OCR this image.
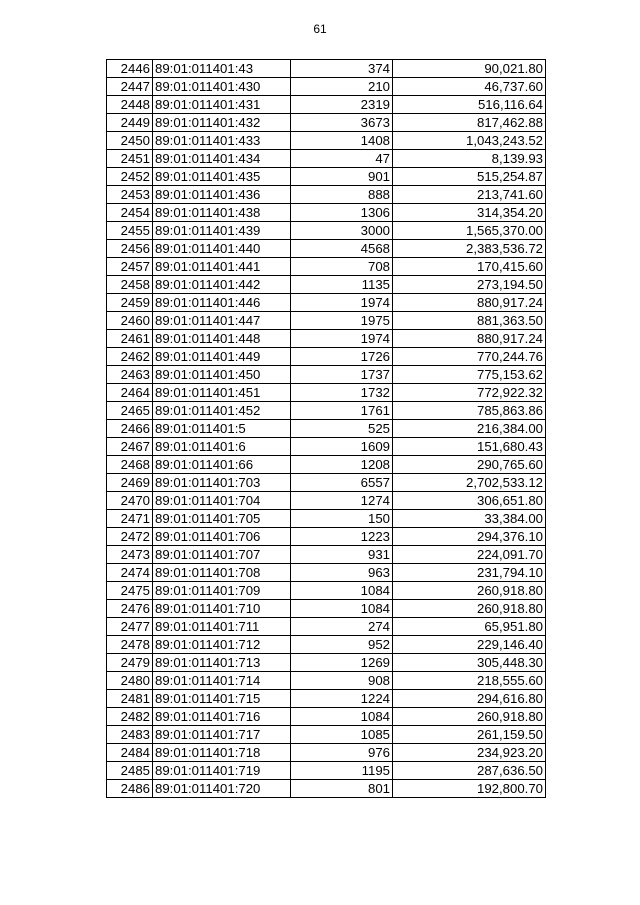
61
2446	89:01:011401:43	374	90,021.80
2447	89:01:011401:430	210	46,737.60
2448	89:01:011401:431	2319	516,116.64
2449	89:01:011401:432	3673	817,462.88
2450	89:01:011401:433	1408	1,043,243.52
2451	89:01:011401:434	47	8,139.93
2452	89:01:011401:435	901	515,254.87
2453	89:01:011401:436	888	213,741.60
2454	89:01:011401:438	1306	314,354.20
2455	89:01:011401:439	3000	1,565,370.00
2456	89:01:011401:440	4568	2,383,536.72
2457	89:01:011401:441	708	170,415.60
2458	89:01:011401:442	1135	273,194.50
2459	89:01:011401:446	1974	880,917.24
2460	89:01:011401:447	1975	881,363.50
2461	89:01:011401:448	1974	880,917.24
2462	89:01:011401:449	1726	770,244.76
2463	89:01:011401:450	1737	775,153.62
2464	89:01:011401:451	1732	772,922.32
2465	89:01:011401:452	1761	785,863.86
2466	89:01:011401:5	525	216,384.00
2467	89:01:011401:6	1609	151,680.43
2468	89:01:011401:66	1208	290,765.60
2469	89:01:011401:703	6557	2,702,533.12
2470	89:01:011401:704	1274	306,651.80
2471	89:01:011401:705	150	33,384.00
2472	89:01:011401:706	1223	294,376.10
2473	89:01:011401:707	931	224,091.70
2474	89:01:011401:708	963	231,794.10
2475	89:01:011401:709	1084	260,918.80
2476	89:01:011401:710	1084	260,918.80
2477	89:01:011401:711	274	65,951.80
2478	89:01:011401:712	952	229,146.40
2479	89:01:011401:713	1269	305,448.30
2480	89:01:011401:714	908	218,555.60
2481	89:01:011401:715	1224	294,616.80
2482	89:01:011401:716	1084	260,918.80
2483	89:01:011401:717	1085	261,159.50
2484	89:01:011401:718	976	234,923.20
2485	89:01:011401:719	1195	287,636.50
2486	89:01:011401:720	801	192,800.70
